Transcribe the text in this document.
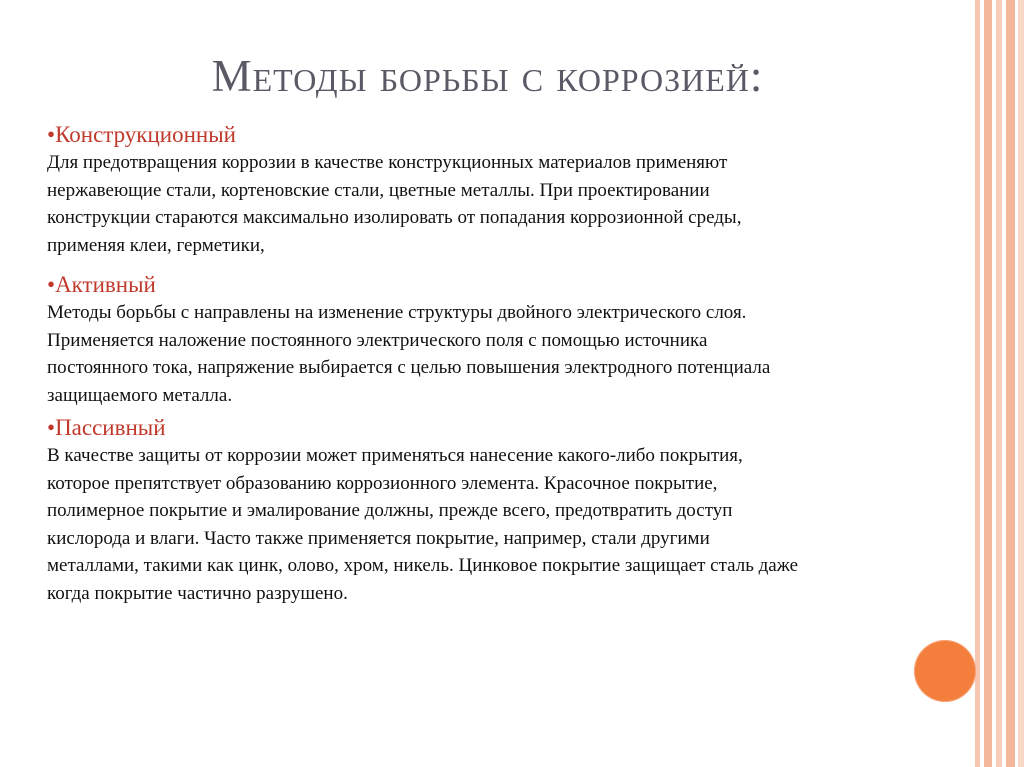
Методы борьбы с коррозией:
•Конструкционный
Для предотвращения коррозии в качестве конструкционных материалов применяют
нержавеющие стали, кортеновские стали, цветные металлы. При проектировании
конструкции стараются максимально изолировать от попадания коррозионной среды,
применяя клеи, герметики,
•Активный
Методы борьбы с направлены на изменение структуры двойного электрического слоя.
Применяется наложение постоянного электрического поля с помощью источника
постоянного тока, напряжение выбирается с целью повышения электродного потенциала
защищаемого металла.
•Пассивный
В качестве защиты от коррозии может применяться нанесение какого-либо покрытия,
которое препятствует образованию коррозионного элемента. Красочное покрытие,
полимерное покрытие и эмалирование должны, прежде всего, предотвратить доступ
кислорода и влаги. Часто также применяется покрытие, например, стали другими
металлами, такими как цинк, олово, хром, никель. Цинковое покрытие защищает сталь даже
когда покрытие частично разрушено.
